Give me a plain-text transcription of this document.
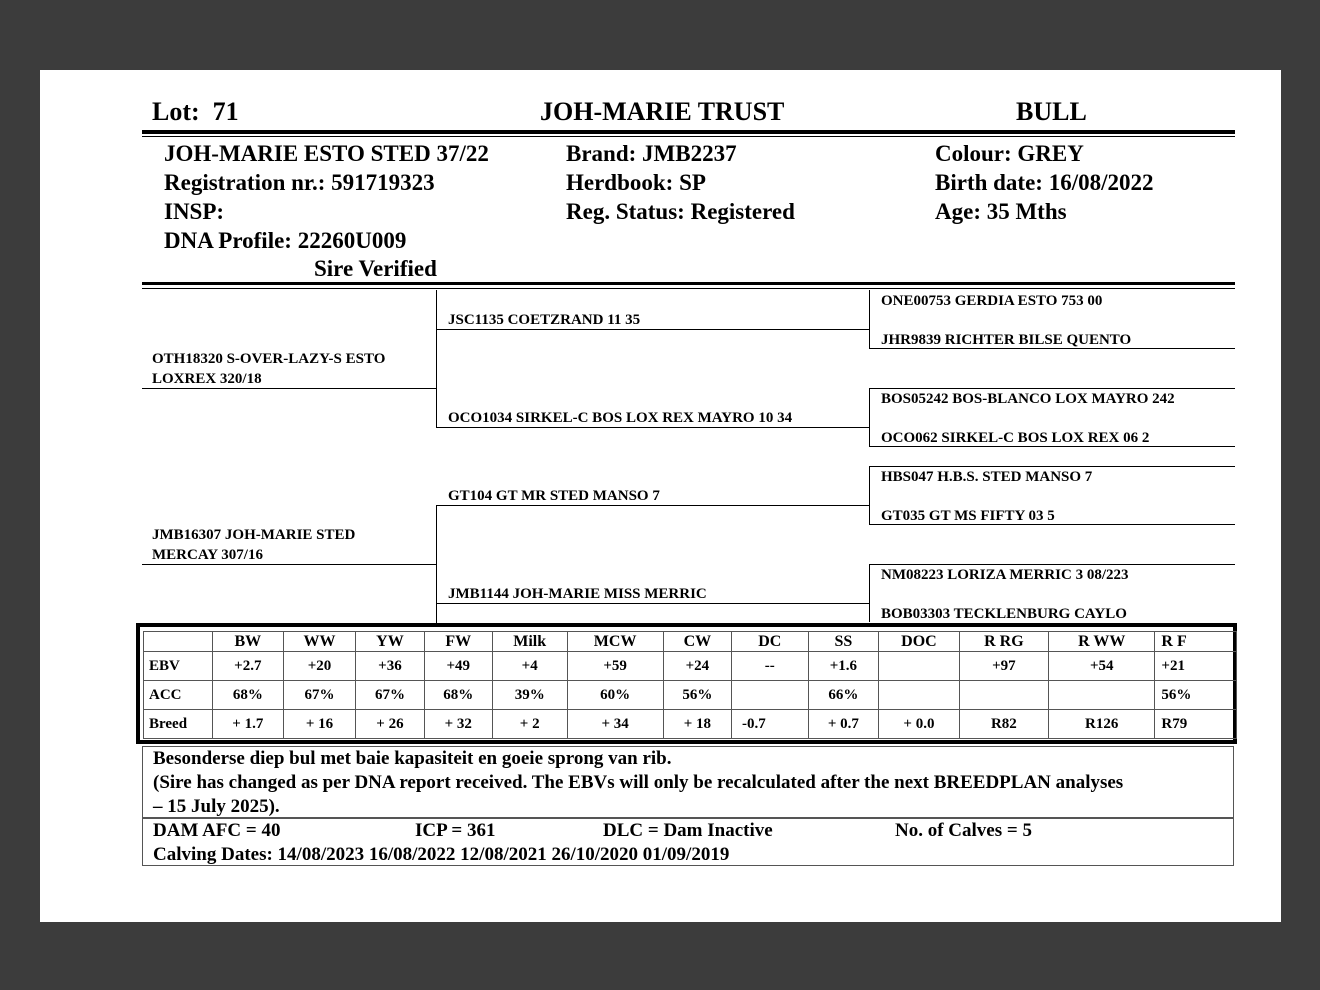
Lot: 71	JOH-MARIE TRUST	BULL
JOH-MARIE ESTO STED 37/22
Registration nr.: 591719323
INSP:
DNA Profile: 22260U009
Sire Verified
Brand: JMB2237
Herdbook: SP
Reg. Status: Registered
Colour: GREY
Birth date: 16/08/2022
Age: 35 Mths
OTH18320 S-OVER-LAZY-S ESTO LOXREX 320/18
JMB16307 JOH-MARIE STED MERCAY 307/16
JSC1135 COETZRAND 11 35
OCO1034 SIRKEL-C BOS LOX REX MAYRO 10 34
GT104 GT MR STED MANSO 7
JMB1144 JOH-MARIE MISS MERRIC
ONE00753 GERDIA ESTO 753 00
JHR9839 RICHTER BILSE QUENTO
BOS05242 BOS-BLANCO LOX MAYRO 242
OCO062 SIRKEL-C BOS LOX REX 06 2
HBS047 H.B.S. STED MANSO 7
GT035 GT MS FIFTY 03 5
NM08223 LORIZA MERRIC 3 08/223
BOB03303 TECKLENBURG CAYLO
	BW	WW	YW	FW	Milk	MCW	CW	DC	SS	DOC	R RG	R WW	R F
EBV	+2.7	+20	+36	+49	+4	+59	+24	--	+1.6		+97	+54	+21
ACC	68%	67%	67%	68%	39%	60%	56%		66%				56%
Breed	+ 1.7	+ 16	+ 26	+ 32	+ 2	+ 34	+ 18	-0.7	+ 0.7	+ 0.0	R82	R126	R79
Besonderse diep bul met baie kapasiteit en goeie sprong van rib.
(Sire has changed as per DNA report received. The EBVs will only be recalculated after the next BREEDPLAN analyses
– 15 July 2025).
DAM AFC = 40	ICP = 361	DLC = Dam Inactive	No. of Calves = 5
Calving Dates: 14/08/2023 16/08/2022 12/08/2021 26/10/2020 01/09/2019
